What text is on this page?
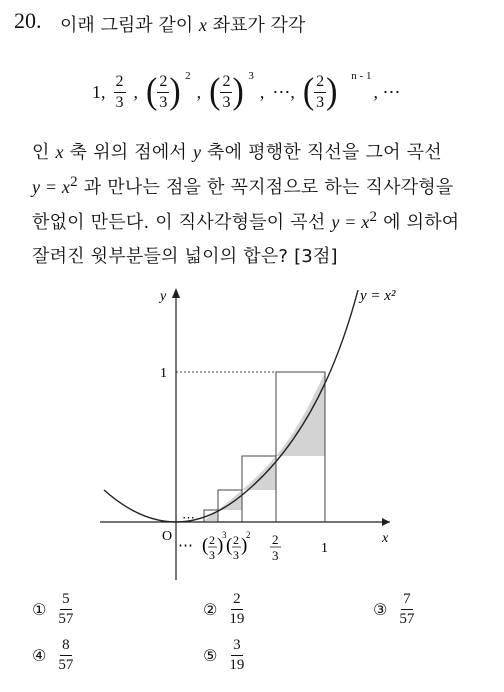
20. 이래 그림과 같이 x 좌표가 각각
1, $\frac{2}{3}$ , ( $\frac{2}{3}$ ) $^2$
, ( $\frac{2}{3}$ ) $^3$
, ⋯, ( $\frac{2}{3}$ ) $^{n - 1}$
, ⋯
인 x 축 위의 점에서 y 축에 평행한 직선을 그어 곡선
$y = x^2$ 과 만나는 점을 한 꼭지점으로 하는 직사각형을
한없이 만든다. 이 직사각형들이 곡선 $y = x^2$ 에 의하여
잘려진 윗부분들의 넓이의 합은? [3점]
y = x²
y
x
O
1
⋯
⋯ ( 2
3 )
3 ( 2
3 )
2 2
3	1
① $\frac{5}{57}$	② $\frac{2}{19}$	③ $\frac{7}{57}$
④ $\frac{8}{57}$	⑤ $\frac{3}{19}$
